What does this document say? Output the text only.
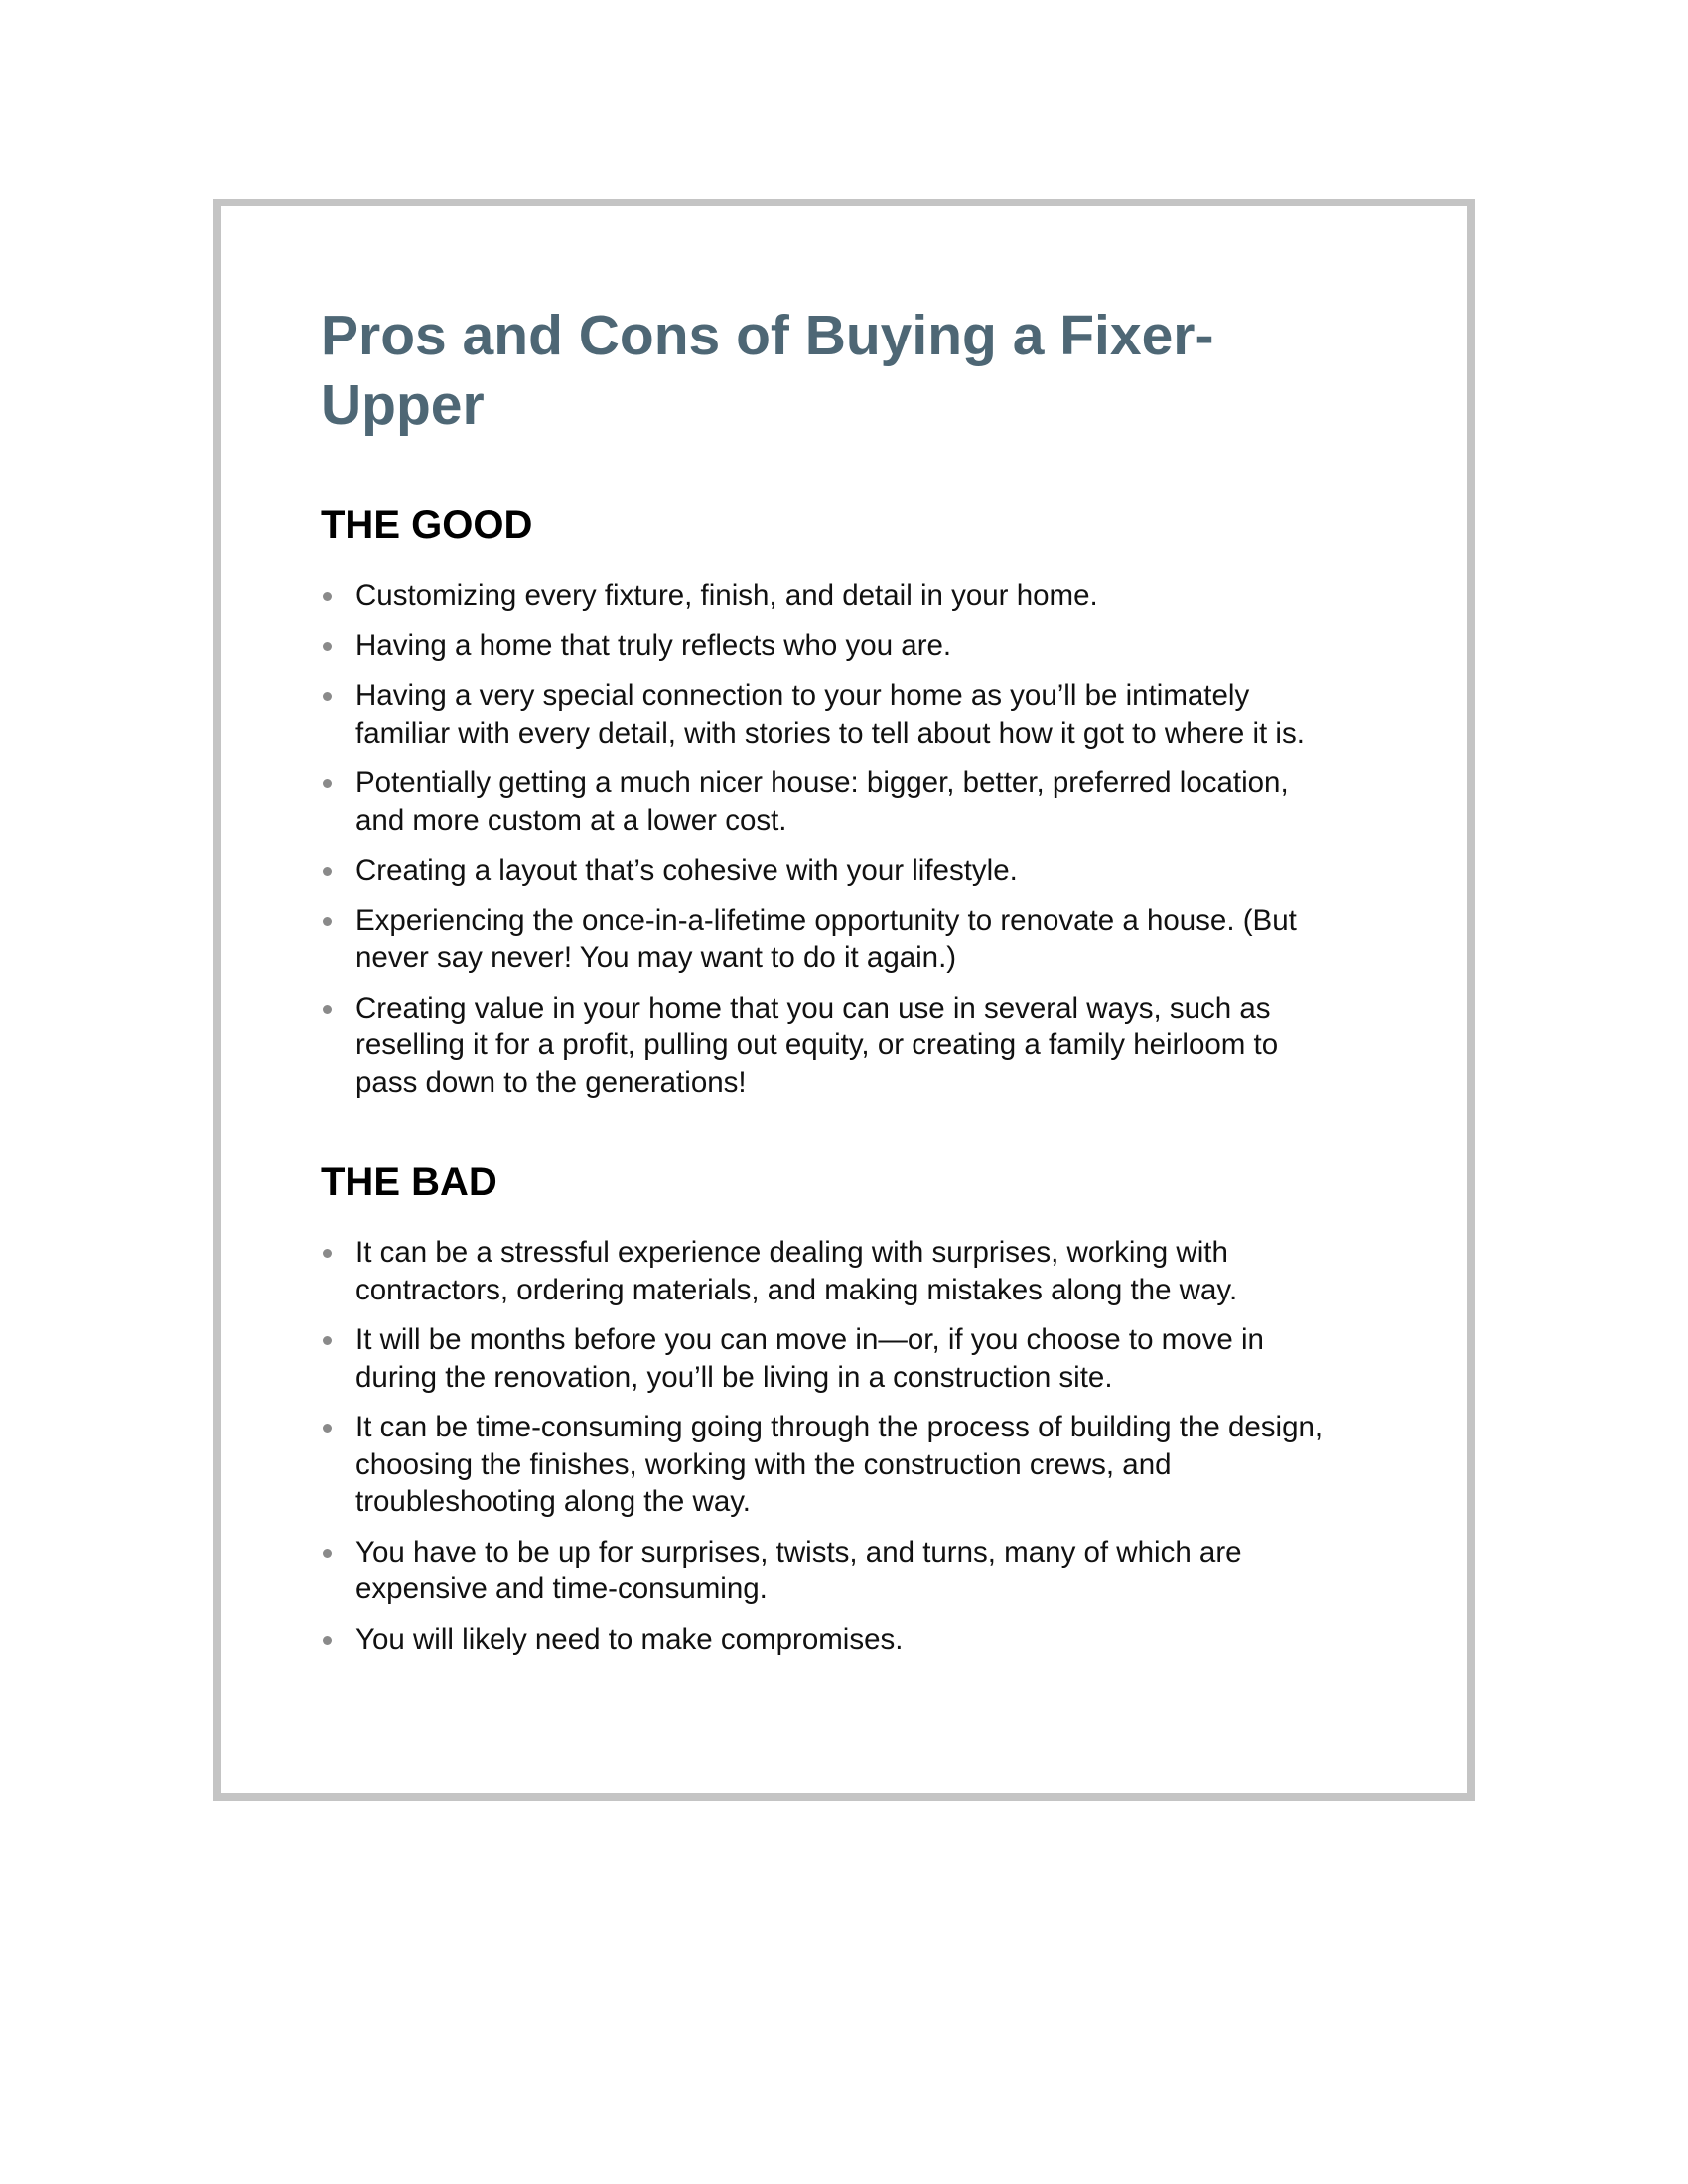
Pros and Cons of Buying a Fixer-Upper
THE GOOD
Customizing every fixture, finish, and detail in your home.
Having a home that truly reflects who you are.
Having a very special connection to your home as you’ll be intimately familiar with every detail, with stories to tell about how it got to where it is.
Potentially getting a much nicer house: bigger, better, preferred location, and more custom at a lower cost.
Creating a layout that’s cohesive with your lifestyle.
Experiencing the once-in-a-lifetime opportunity to renovate a house. (But never say never! You may want to do it again.)
Creating value in your home that you can use in several ways, such as reselling it for a profit, pulling out equity, or creating a family heirloom to pass down to the generations!
THE BAD
It can be a stressful experience dealing with surprises, working with contractors, ordering materials, and making mistakes along the way.
It will be months before you can move in—or, if you choose to move in during the renovation, you’ll be living in a construction site.
It can be time-consuming going through the process of building the design, choosing the finishes, working with the construction crews, and troubleshooting along the way.
You have to be up for surprises, twists, and turns, many of which are expensive and time-consuming.
You will likely need to make compromises.
